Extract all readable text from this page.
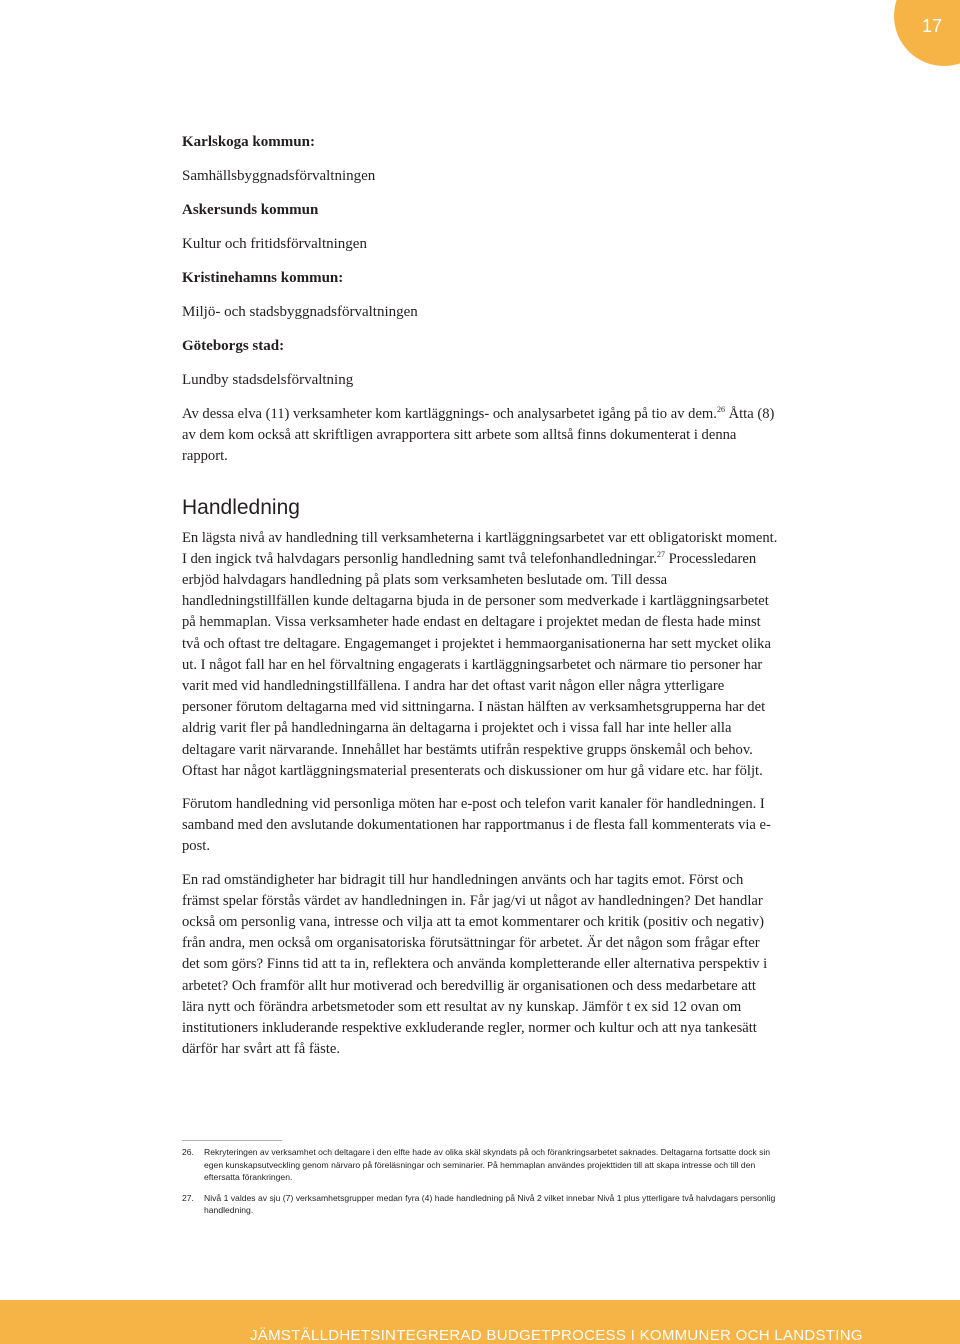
17
Karlskoga kommun:
Samhällsbyggnadsförvaltningen
Askersunds kommun
Kultur och fritidsförvaltningen
Kristinehamns kommun:
Miljö- och stadsbyggnadsförvaltningen
Göteborgs stad:
Lundby stadsdelsförvaltning

Av dessa elva (11) verksamheter kom kartläggnings- och analysarbetet igång på tio av dem.$^{26}$ Åtta (8) av dem kom också att skriftligen avrapportera sitt arbete som alltså finns dokumenterat i denna rapport.

Handledning

En lägsta nivå av handledning till verksamheterna i kartläggningsarbetet var ett obligatoriskt moment. I den ingick två halvdagars personlig handledning samt två telefonhandledningar.$^{27}$ Processledaren erbjöd halvdagars handledning på plats som verksamheten beslutade om. Till dessa handledningstillfällen kunde deltagarna bjuda in de personer som medverkade i kartläggningsarbetet på hemmaplan. Vissa verksamheter hade endast en deltagare i projektet medan de flesta hade minst två och oftast tre deltagare. Engagemanget i projektet i hemmaorganisationerna har sett mycket olika ut. I något fall har en hel förvaltning engagerats i kartläggningsarbetet och närmare tio personer har varit med vid handledningstillfällena. I andra har det oftast varit någon eller några ytterligare personer förutom deltagarna med vid sittningarna. I nästan hälften av verksamhetsgrupperna har det aldrig varit fler på handledningarna än deltagarna i projektet och i vissa fall har inte heller alla deltagare varit närvarande. Innehållet har bestämts utifrån respektive grupps önskemål och behov. Oftast har något kartläggningsmaterial presenterats och diskussioner om hur gå vidare etc. har följt.

Förutom handledning vid personliga möten har e-post och telefon varit kanaler för handledningen. I samband med den avslutande dokumentationen har rapportmanus i de flesta fall kommenterats via e-post.

En rad omständigheter har bidragit till hur handledningen använts och har tagits emot. Först och främst spelar förstås värdet av handledningen in. Får jag/vi ut något av handledningen? Det handlar också om personlig vana, intresse och vilja att ta emot kommentarer och kritik (positiv och negativ) från andra, men också om organisatoriska förutsättningar för arbetet. Är det någon som frågar efter det som görs? Finns tid att ta in, reflektera och använda kompletterande eller alternativa perspektiv i arbetet? Och framför allt hur motiverad och beredvillig är organisationen och dess medarbetare att lära nytt och förändra arbetsmetoder som ett resultat av ny kunskap. Jämför t ex sid 12 ovan om institutioners inkluderande respektive exkluderande regler, normer och kultur och att nya tankesätt därför har svårt att få fäste.

26.	Rekryteringen av verksamhet och deltagare i den elfte hade av olika skäl skyndats på och förankringsarbetet saknades. Deltagarna fortsatte dock sin egen kunskapsutveckling genom närvaro på föreläsningar och seminarier. På hemmaplan användes projekttiden till att skapa intresse och till den eftersatta förankringen.
27.	Nivå 1 valdes av sju (7) verksamhetsgrupper medan fyra (4) hade handledning på Nivå 2 vilket innebar Nivå 1 plus ytterligare två halvdagars personlig handledning.
JÄMSTÄLLDHETSINTEGRERAD BUDGETPROCESS I KOMMUNER OCH LANDSTING
